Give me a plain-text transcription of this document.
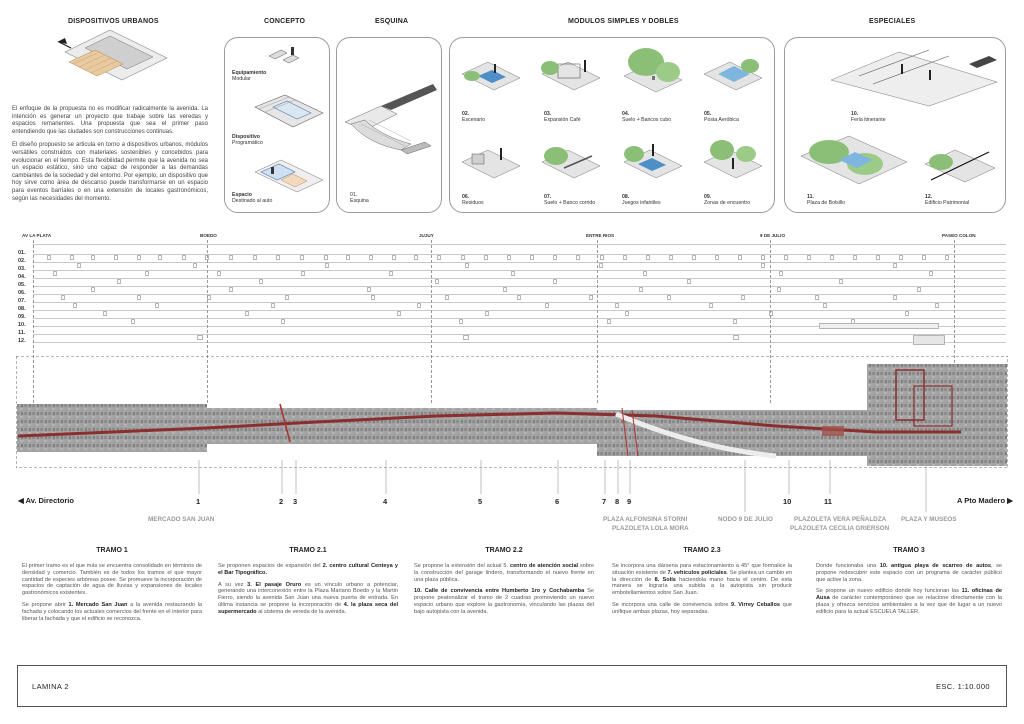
DISPOSITIVOS URBANOS

El enfoque de la propuesta no es modificar radicalmente la avenida. La intención es generar un proyecto que trabaje sobre las veredas y espacios remanentes. Una propuesta que sea el primer paso entendiendo que las ciudades son construcciones continuas.

El diseño propuesto se articula en torno a dispositivos urbanos, módulos versátiles construidos con materiales sostenibles y concebidos para evolucionar en el tiempo. Esta flexibilidad permite que la avenida no sea un espacio estático, sino uno capaz de responder a las demandas cambiantes de la sociedad y del entorno. Por ejemplo, un dispositivo que hoy sirve como área de descanso puede transformarse en un espacio para eventos barriales o en una extensión de locales gastronómicos, según las necesidades del momento.

CONCEPTO
Equipamiento
Modular
Dispositivo
Programático
Espacio
Destinado al auto
ESQUINA
01.
Esquina
MODULOS SIMPLES Y DOBLES
02.
Escenario
03.
Expansión Café
04.
Suelo + Bancos cubo
05.
Posta Aeróbica
06.
Residuos
07.
Suelo + Banco corrido
08.
Juegos infantiles
09.
Zonas de encuentro
ESPECIALES
10.
Feria itinerante
11.
Plaza de Bolsillo
12.
Edificio Patrimonial
AV LA PLATA	BOEDO	JUJUY	ENTRE RIOS	9 DE JULIO	PASEO COLON
01.
02.
03.
04.
05.
06.
07.
08.
09.
10.
11.
12.
◀ Av. Directorio	A Pto Madero ▶
1	2 3	4	5	6	7 8 9	10	11
MERCADO SAN JUAN	PLAZA ALFONSINA STORNI
PLAZOLETA LOLA MORA
NODO 9 DE JULIO	PLAZOLETA VERA PEÑALDZA
PLAZOLETA CECILIA GRIERSON
PLAZA Y MUSEOS
TRAMO 1

El primer tramo es el que más se encuentra consolidado en términos de densidad y comercio. También es de todos los tramos el que mayor cantidad de especies arbóreas posee. Se promueve la incorporación de espacios de captación de agua de lluvias y expansiones de locales gastronómicos existentes.

Se propone abrir 1. Mercado San Juan a la avenida restaurando la fachada y colocando los actuales comercios del frente en el interior para liberar la fachada y que el edificio se reconozca.

TRAMO 2.1

Se proponen espacios de expansión del 2. centro cultural Centeya y el Bar Tipográfico.

A su vez 3. El pasaje Oruro es un vínculo urbano a potenciar, generando una interconexión entre la Plaza Mariano Boedo y la Martin Fierro, siendo la avenida San Juan una nueva puerta de entrada. En última instancia se propone la incorporación de 4. la plaza seca del supermercado al sistema de vereda de la avenida.

TRAMO 2.2

Se propone la extensión del actual 5. centro de atención social sobre la construcción del garage lindero, transformando el nuevo frente en una plaza pública.

10. Calle de convivencia entre Humberto 1ro y Cochabamba Se propone peatonalizar el tramo de 2 cuadras promoviendo un nuevo espacio urbano que explore la gastronomía, vinculando las plazas del bajo autopista con la avenida.

TRAMO 2.3

Se incorpora una dársena para estacionamiento a 45° que formalice la situación existente de 7. vehículos policiales. Se plantea un cambio en la dirección de 8. Solís haciendola mano hacia el centro. De esta manera se lograría una subida a la autopista sin producir embotellamientos sobre San Juan.

Se incorpora una calle de convivencia sobre 9. Virrey Ceballos que unifique ambas plazas, hoy separadas.

TRAMO 3

Donde funcionaba una 10. antigua playa de scarreo de autos, se propone redescubrir este espacio con un programa de carácter público que active la zona.

Se propone un nuevo edificio donde hoy funcionan las 11. oficinas de Ausa de carácter contemporáneo que se relacione directamente con la plaza y ofrezca servicios ambientales a la vez que de lugar a un nuevo edificio para la actual ESCUELA TALLER.

LAMINA 2	ESC. 1:10.000
